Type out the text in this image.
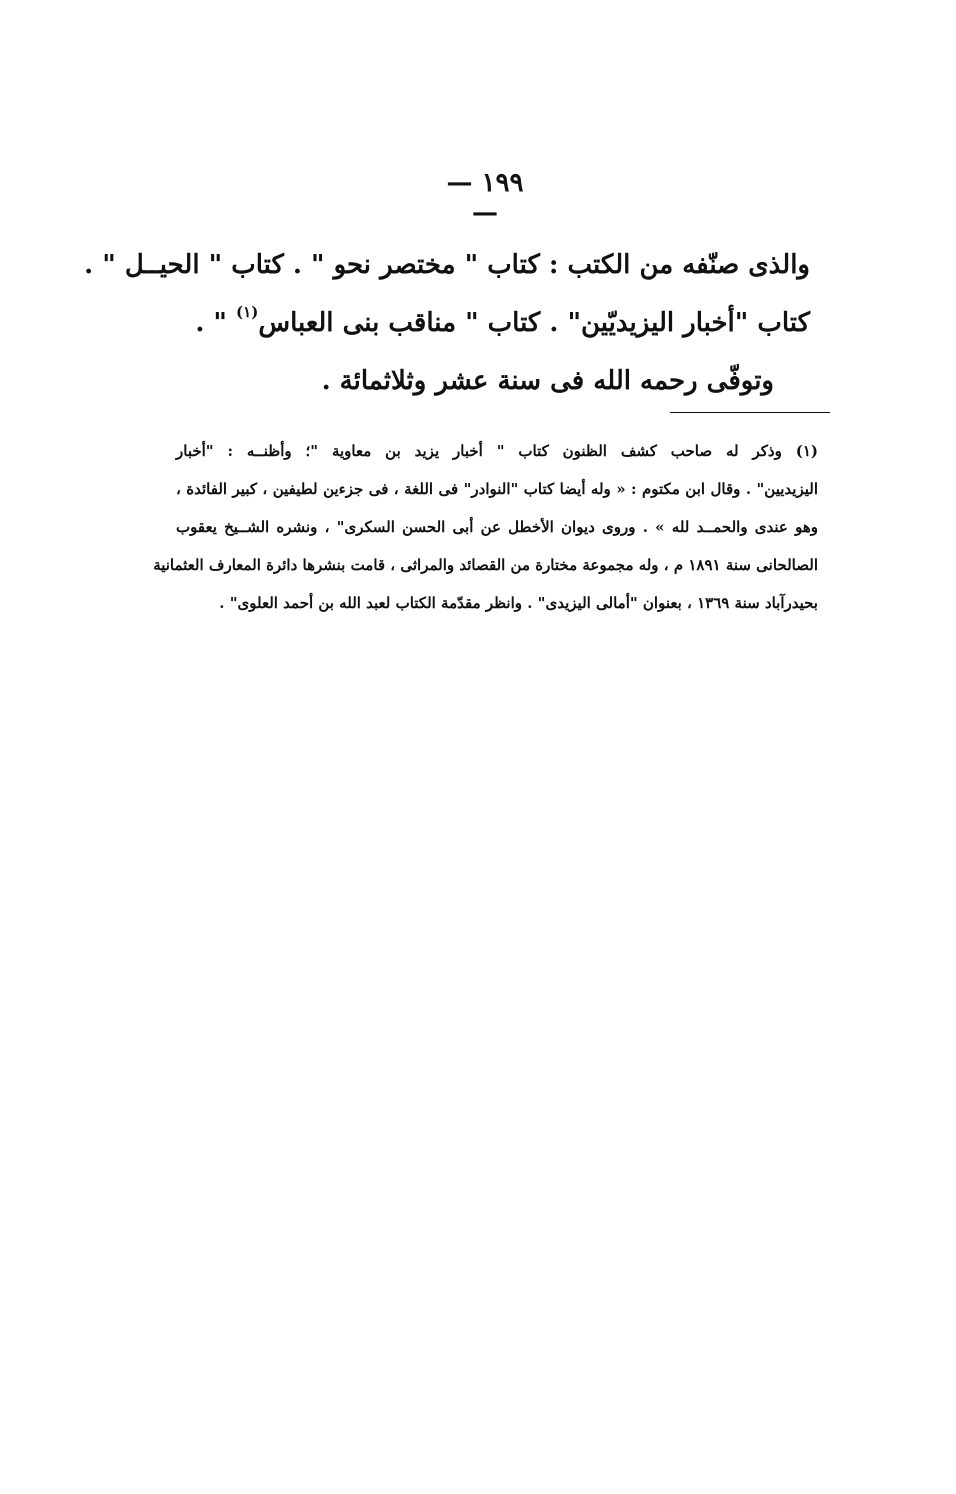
— ١٩٩ —
والذى صنّفه من الكتب : كتاب " مختصر نحو " . كتاب " الحيــل " .
كتاب "أخبار اليزيديّين" . كتاب " مناقب بنى العباس$^{(١)}$ " .
وتوفّى رحمه الله فى سنة عشر وثلاثمائة .
(١) وذكر له صاحب كشف الظنون كتاب " أخبار يزيد بن معاوية "؛ وأظنــه : "أخبار
اليزيديين" . وقال ابن مكتوم : « وله أيضا كتاب "النوادر" فى اللغة ، فى جزءين لطيفين ، كبير الفائدة ،
وهو عندى والحمــد لله » . وروى ديوان الأخطل عن أبى الحسن السكرى" ، ونشره الشــيخ يعقوب
الصالحانى سنة ١٨٩١ م ، وله مجموعة مختارة من القصائد والمراثى ، قامت بنشرها دائرة المعارف العثمانية
بحيدرآباد سنة ١٣٦٩ ، بعنوان "أمالى اليزيدى" . وانظر مقدّمة الكتاب لعبد الله بن أحمد العلوى" .
